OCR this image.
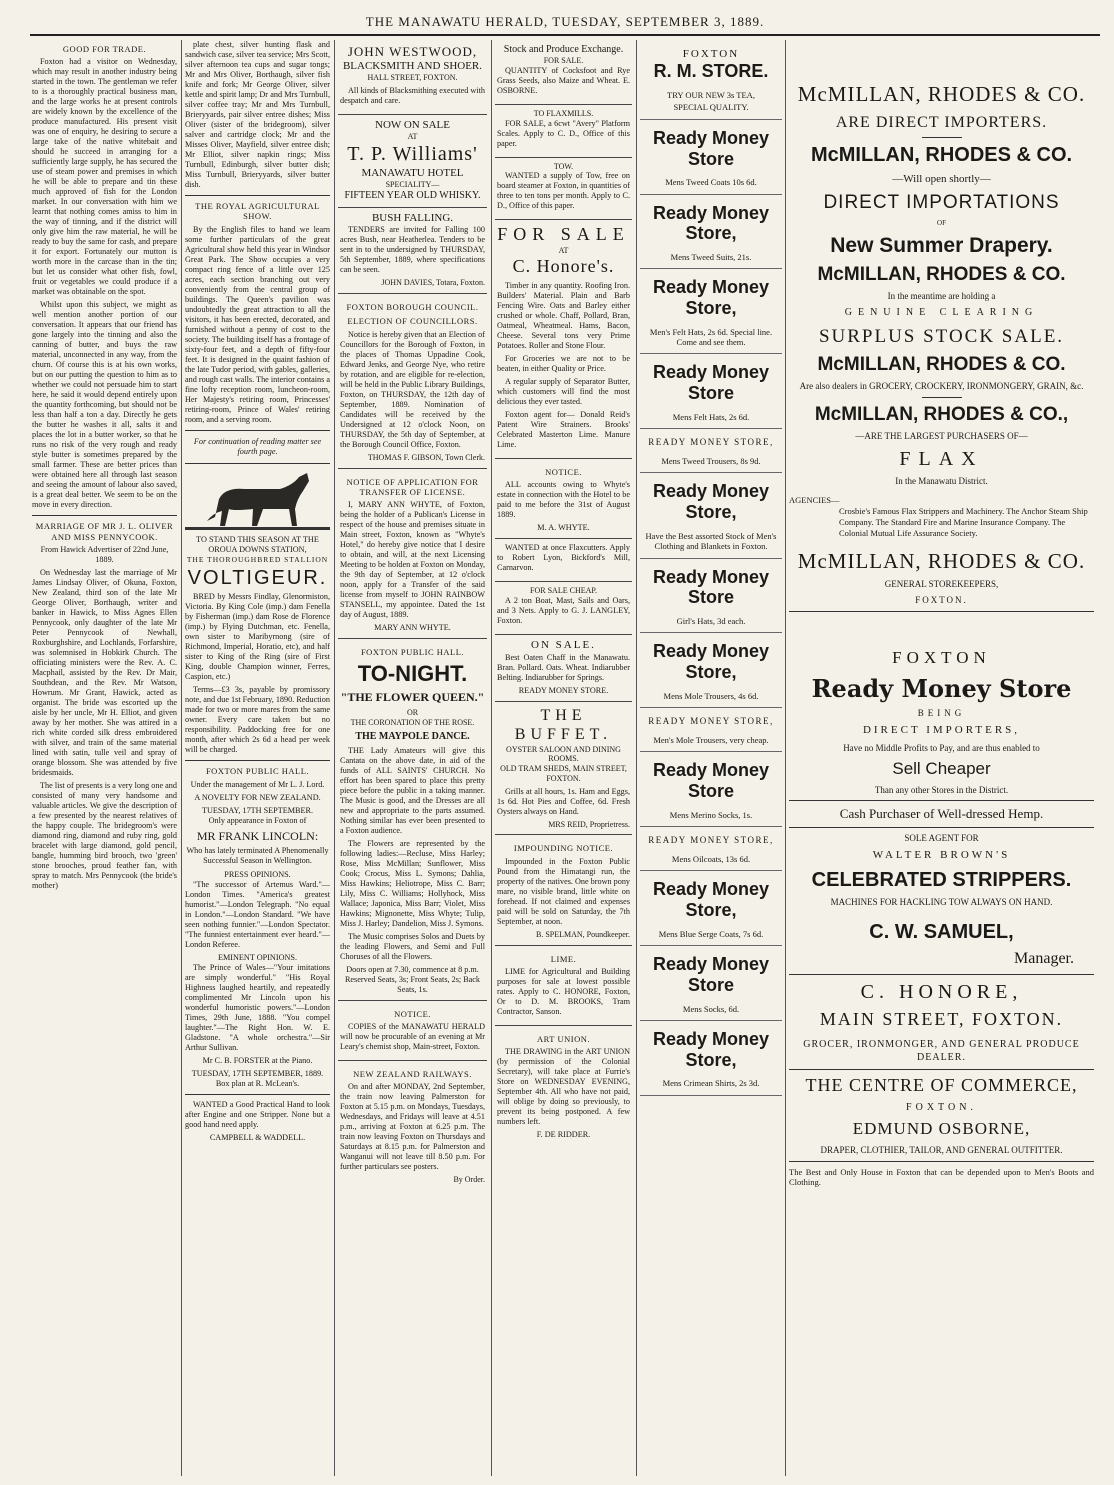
THE MANAWATU HERALD, TUESDAY, SEPTEMBER 3, 1889.
GOOD FOR TRADE.

Foxton had a visitor on Wednesday, which may result in another industry being started in the town. The gentleman we refer to is a thoroughly practical business man, and the large works he at present controls are widely known by the excellence of the produce manufactured. His present visit was one of enquiry, he desiring to secure a large take of the native whitebait and should he succeed in arranging for a sufficiently large supply, he has secured the use of steam power and premises in which he will be able to prepare and tin these much approved of fish for the London market. In our conversation with him we learnt that nothing comes amiss to him in the way of tinning, and if the district will only give him the raw material, he will be ready to buy the same for cash, and prepare it for export. Fortunately our mutton is worth more in the carcase than in the tin; but let us consider what other fish, fowl, fruit or vegetables we could produce if a market was obtainable on the spot.

Whilst upon this subject, we might as well mention another portion of our conversation. It appears that our friend has gone largely into the tinning and also the canning of butter, and buys the raw material, unconnected in any way, from the churn. Of course this is at his own works, but on our putting the question to him as to whether we could not persuade him to start here, he said it would depend entirely upon the quantity forthcoming, but should not be less than half a ton a day. Directly he gets the butter he washes it all, salts it and places the lot in a butter worker, so that he runs no risk of the very rough and ready style butter is sometimes prepared by the small farmer. These are better prices than were obtained here all through last season and seeing the amount of labour also saved, is a great deal better. We seem to be on the move in every direction.

MARRIAGE OF MR J. L. OLIVER AND MISS PENNYCOOK.
From Hawick Advertiser of 22nd June, 1889.

On Wednesday last the marriage of Mr James Lindsay Oliver, of Okuna, Foxton, New Zealand, third son of the late Mr George Oliver, Borthaugh, writer and banker in Hawick, to Miss Agnes Ellen Pennycook, only daughter of the late Mr Peter Pennycook of Newhall, Roxburghshire, and Lochlands, Forfarshire, was solemnised in Hobkirk Church. The officiating ministers were the Rev. A. C. Macphail, assisted by the Rev. Dr Mair, Southdean, and the Rev. Mr Watson, Howrum. Mr Grant, Hawick, acted as organist. The bride was escorted up the aisle by her uncle, Mr H. Elliot, and given away by her mother. She was attired in a rich white corded silk dress embroidered with silver, and train of the same material lined with satin, tulle veil and spray of orange blossom. She was attended by five bridesmaids.

The list of presents is a very long one and consisted of many very handsome and valuable articles. We give the description of a few presented by the nearest relatives of the happy couple. The bridegroom's were diamond ring, diamond and ruby ring, gold bracelet with large diamond, gold pencil, bangle, humming bird brooch, two 'green' stone brooches, proud feather fan, with spray to match. Mrs Pennycook (the bride's mother)

plate chest, silver hunting flask and sandwich case, silver tea service; Mrs Scott, silver afternoon tea cups and sugar tongs; Mr and Mrs Oliver, Borthaugh, silver fish knife and fork; Mr George Oliver, silver kettle and spirit lamp; Dr and Mrs Turnbull, silver coffee tray; Mr and Mrs Turnbull, Brieryyards, pair silver entree dishes; Miss Oliver (sister of the bridegroom), silver salver and cartridge clock; Mr and the Misses Oliver, Mayfield, silver entree dish; Mr Elliot, silver napkin rings; Miss Turnbull, Edinburgh, silver butter dish; Miss Turnbull, Brieryyards, silver butter dish.

THE ROYAL AGRICULTURAL SHOW.

By the English files to hand we learn some further particulars of the great Agricultural show held this year in Windsor Great Park. The Show occupies a very compact ring fence of a little over 125 acres, each section branching out very conveniently from the central group of buildings. The Queen's pavilion was undoubtedly the great attraction to all the visitors, it has been erected, decorated, and furnished without a penny of cost to the society. The building itself has a frontage of sixty-four feet, and a depth of fifty-four feet. It is designed in the quaint fashion of the late Tudor period, with gables, galleries, and rough cast walls. The interior contains a fine lofty reception room, luncheon-room, Her Majesty's retiring room, Princesses' retiring-room, Prince of Wales' retiring room, and a serving room.

For continuation of reading matter see fourth page.
TO STAND THIS SEASON AT THE OROUA DOWNS STATION,
THE THOROUGHBRED STALLION
VOLTIGEUR.

BRED by Messrs Findlay, Glenormiston, Victoria. By King Cole (imp.) dam Fenella by Fisherman (imp.) dam Rose de Florence (imp.) by Flying Dutchman, etc. Fenella, own sister to Maribyrnong (sire of Richmond, Imperial, Horatio, etc), and half sister to King of the Ring (sire of First King, double Champion winner, Ferres, Caspion, etc.)

Terms—£3 3s, payable by promissory note, and due 1st February, 1890. Reduction made for two or more mares from the same owner. Every care taken but no responsibility. Paddocking free for one month, after which 2s 6d a head per week will be charged.

FOXTON PUBLIC HALL.
Under the management of Mr L. J. Lord.
A NOVELTY FOR NEW ZEALAND.
TUESDAY, 17TH SEPTEMBER.
Only appearance in Foxton of
MR FRANK LINCOLN:
Who has lately terminated A Phenomenally Successful Season in Wellington.
PRESS OPINIONS.

"The successor of Artemus Ward."—London Times. "America's greatest humorist."—London Telegraph. "No equal in London."—London Standard. "We have seen nothing funnier."—London Spectator. "The funniest entertainment ever heard."—London Referee.

EMINENT OPINIONS.

The Prince of Wales—"Your imitations are simply wonderful." "His Royal Highness laughed heartily, and repeatedly complimented Mr Lincoln upon his wonderful humoristic powers."—London Times, 29th June, 1888. "You compel laughter."—The Right Hon. W. E. Gladstone. "A whole orchestra."—Sir Arthur Sullivan.

Mr C. B. FORSTER at the Piano.
TUESDAY, 17TH SEPTEMBER, 1889.
Box plan at R. McLean's.

WANTED a Good Practical Hand to look after Engine and one Stripper. None but a good hand need apply.

CAMPBELL & WADDELL.
JOHN WESTWOOD,
BLACKSMITH AND SHOER.
HALL STREET, FOXTON.

All kinds of Blacksmithing executed with despatch and care.

NOW ON SALE
AT
T. P. Williams'
MANAWATU HOTEL
SPECIALITY—
FIFTEEN YEAR OLD WHISKY.
BUSH FALLING.

TENDERS are invited for Falling 100 acres Bush, near Heatherlea. Tenders to be sent in to the undersigned by THURSDAY, 5th September, 1889, where specifications can be seen.

JOHN DAVIES, Totara, Foxton.
FOXTON BOROUGH COUNCIL.
ELECTION OF COUNCILLORS.

Notice is hereby given that an Election of Councillors for the Borough of Foxton, in the places of Thomas Uppadine Cook, Edward Jenks, and George Nye, who retire by rotation, and are eligible for re-election, will be held in the Public Library Buildings, Foxton, on THURSDAY, the 12th day of September, 1889. Nomination of Candidates will be received by the Undersigned at 12 o'clock Noon, on THURSDAY, the 5th day of September, at the Borough Council Office, Foxton.

THOMAS F. GIBSON, Town Clerk.
NOTICE OF APPLICATION FOR TRANSFER OF LICENSE.

I, MARY ANN WHYTE, of Foxton, being the holder of a Publican's License in respect of the house and premises situate in Main street, Foxton, known as "Whyte's Hotel," do hereby give notice that I desire to obtain, and will, at the next Licensing Meeting to be holden at Foxton on Monday, the 9th day of September, at 12 o'clock noon, apply for a Transfer of the said license from myself to JOHN RAINBOW STANSELL, my appointee. Dated the 1st day of August, 1889.

MARY ANN WHYTE.
FOXTON PUBLIC HALL.
TO-NIGHT.
"THE FLOWER QUEEN."
OR
THE CORONATION OF THE ROSE.
THE MAYPOLE DANCE.

THE Lady Amateurs will give this Cantata on the above date, in aid of the funds of ALL SAINTS' CHURCH. No effort has been spared to place this pretty piece before the public in a taking manner. The Music is good, and the Dresses are all new and appropriate to the parts assumed. Nothing similar has ever been presented to a Foxton audience.

The Flowers are represented by the following ladies:—Recluse, Miss Harley; Rose, Miss McMillan; Sunflower, Miss Cook; Crocus, Miss L. Symons; Dahlia, Miss Hawkins; Heliotrope, Miss C. Barr; Lily, Miss C. Williams; Hollyhock, Miss Wallace; Japonica, Miss Barr; Violet, Miss Hawkins; Mignonette, Miss Whyte; Tulip, Miss J. Harley; Dandelion, Miss J. Symons.

The Music comprises Solos and Duets by the leading Flowers, and Semi and Full Choruses of all the Flowers.

Doors open at 7.30, commence at 8 p.m.
Reserved Seats, 3s; Front Seats, 2s; Back Seats, 1s.
NOTICE.

COPIES of the MANAWATU HERALD will now be procurable of an evening at Mr Leary's chemist shop, Main-street, Foxton.

NEW ZEALAND RAILWAYS.

On and after MONDAY, 2nd September, the train now leaving Palmerston for Foxton at 5.15 p.m. on Mondays, Tuesdays, Wednesdays, and Fridays will leave at 4.51 p.m., arriving at Foxton at 6.25 p.m. The train now leaving Foxton on Thursdays and Saturdays at 8.15 p.m. for Palmerston and Wanganui will not leave till 8.50 p.m. For further particulars see posters.

By Order.
Stock and Produce Exchange.
FOR SALE.

QUANTITY of Cocksfoot and Rye Grass Seeds, also Maize and Wheat. E. OSBORNE.

TO FLAXMILLS.

FOR SALE, a 6cwt "Avery" Platform Scales. Apply to C. D., Office of this paper.

TOW.

WANTED a supply of Tow, free on board steamer at Foxton, in quantities of three to ten tons per month. Apply to C. D., Office of this paper.

FOR SALE
AT
C. Honore's.

Timber in any quantity. Roofing Iron. Builders' Material. Plain and Barb Fencing Wire. Oats and Barley either crushed or whole. Chaff, Pollard, Bran, Oatmeal, Wheatmeal. Hams, Bacon, Cheese. Several tons very Prime Potatoes. Roller and Stone Flour.

For Groceries we are not to be beaten, in either Quality or Price.

A regular supply of Separator Butter, which customers will find the most delicious they ever tasted.

Foxton agent for— Donald Reid's Patent Wire Strainers. Brooks' Celebrated Masterton Lime. Manure Lime.

NOTICE.

ALL accounts owing to Whyte's estate in connection with the Hotel to be paid to me before the 31st of August 1889.

M. A. WHYTE.

WANTED at once Flaxcutters. Apply to Robert Lyon, Bickford's Mill, Carnarvon.

FOR SALE CHEAP.

A 2 ton Boat, Mast, Sails and Oars, and 3 Nets. Apply to G. J. LANGLEY, Foxton.

ON SALE.

Best Oaten Chaff in the Manawatu. Bran. Pollard. Oats. Wheat. Indiarubber Belting. Indiarubber for Springs.

READY MONEY STORE.
THE BUFFET.
OYSTER SALOON AND DINING ROOMS.
OLD TRAM SHEDS, MAIN STREET, FOXTON.

Grills at all hours, 1s. Ham and Eggs, 1s 6d. Hot Pies and Coffee, 6d. Fresh Oysters always on Hand.

MRS REID, Proprietress.
IMPOUNDING NOTICE.

Impounded in the Foxton Public Pound from the Himatangi run, the property of the natives. One brown pony mare, no visible brand, little white on forehead. If not claimed and expenses paid will be sold on Saturday, the 7th September, at noon.

B. SPELMAN, Poundkeeper.
LIME.

LIME for Agricultural and Building purposes for sale at lowest possible rates. Apply to C. HONORE, Foxton, Or to D. M. BROOKS, Tram Contractor, Sanson.

ART UNION.

THE DRAWING in the ART UNION (by permission of the Colonial Secretary), will take place at Furrie's Store on WEDNESDAY EVENING, September 4th. All who have not paid, will oblige by doing so previously, to prevent its being postponed. A few numbers left.

F. DE RIDDER.
FOXTON
R. M. STORE.
TRY OUR NEW 3s TEA,
SPECIAL QUALITY.
Ready Money Store
Mens Tweed Coats 10s 6d.
Ready Money Store,
Mens Tweed Suits, 21s.
Ready Money Store,
Men's Felt Hats, 2s 6d. Special line. Come and see them.
Ready Money Store
Mens Felt Hats, 2s 6d.
READY MONEY STORE,
Mens Tweed Trousers, 8s 9d.
Ready Money Store,
Have the Best assorted Stock of Men's Clothing and Blankets in Foxton.
Ready Money Store
Girl's Hats, 3d each.
Ready Money Store,
Mens Mole Trousers, 4s 6d.
READY MONEY STORE,
Men's Mole Trousers, very cheap.
Ready Money Store
Mens Merino Socks, 1s.
READY MONEY STORE,
Mens Oilcoats, 13s 6d.
Ready Money Store,
Mens Blue Serge Coats, 7s 6d.
Ready Money Store
Mens Socks, 6d.
Ready Money Store,
Mens Crimean Shirts, 2s 3d.
McMILLAN, RHODES & CO.
ARE DIRECT IMPORTERS.
McMILLAN, RHODES & CO.
—Will open shortly—
DIRECT IMPORTATIONS
OF
New Summer Drapery.
McMILLAN, RHODES & CO.
In the meantime are holding a
GENUINE CLEARING
SURPLUS STOCK SALE.
McMILLAN, RHODES & CO.
Are also dealers in GROCERY, CROCKERY, IRONMONGERY, GRAIN, &c.
McMILLAN, RHODES & CO.,
—ARE THE LARGEST PURCHASERS OF—
FLAX
In the Manawatu District.
AGENCIES—
Crosbie's Famous Flax Strippers and Machinery. The Anchor Steam Ship Company. The Standard Fire and Marine Insurance Company. The Colonial Mutual Life Assurance Society.
McMILLAN, RHODES & CO.
GENERAL STOREKEEPERS,
FOXTON.
FOXTON
Ready Money Store
BEING
DIRECT IMPORTERS,
Have no Middle Profits to Pay, and are thus enabled to
Sell Cheaper
Than any other Stores in the District.
Cash Purchaser of Well-dressed Hemp.
SOLE AGENT FOR
WALTER BROWN'S
CELEBRATED STRIPPERS.
MACHINES FOR HACKLING TOW ALWAYS ON HAND.
C. W. SAMUEL,
Manager.
C. HONORE,
MAIN STREET, FOXTON.
GROCER, IRONMONGER, AND GENERAL PRODUCE DEALER.
THE CENTRE OF COMMERCE,
FOXTON.
EDMUND OSBORNE,
DRAPER, CLOTHIER, TAILOR, AND GENERAL OUTFITTER.
The Best and Only House in Foxton that can be depended upon to Men's Boots and Clothing.
